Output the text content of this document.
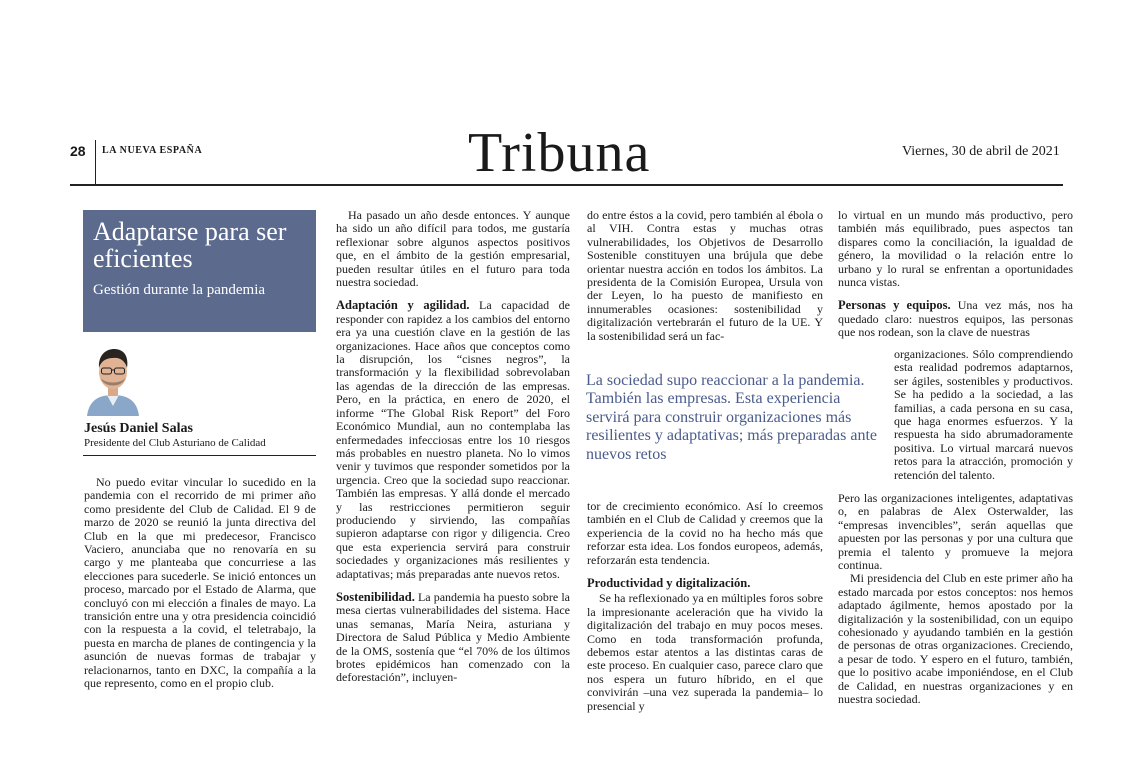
28 LA NUEVA ESPAÑA	Tribuna	Viernes, 30 de abril de 2021
Adaptarse para ser eficientes
Gestión durante la pandemia
Jesús Daniel Salas
Presidente del Club Asturiano de Calidad

No puedo evitar vincular lo sucedido en la pandemia con el recorrido de mi primer año como presidente del Club de Calidad. El 9 de marzo de 2020 se reunió la junta directiva del Club en la que mi predecesor, Francisco Vaciero, anunciaba que no renovaría en su cargo y me planteaba que concurriese a las elecciones para sucederle. Se inició entonces un proceso, marcado por el Estado de Alarma, que concluyó con mi elección a finales de mayo. La transición entre una y otra presidencia coincidió con la respuesta a la covid, el teletrabajo, la puesta en marcha de planes de contingencia y la asunción de nuevas formas de trabajar y relacionarnos, tanto en DXC, la compañía a la que represento, como en el propio club.

Ha pasado un año desde entonces. Y aunque ha sido un año difícil para todos, me gustaría reflexionar sobre algunos aspectos positivos que, en el ámbito de la gestión empresarial, pueden resultar útiles en el futuro para toda nuestra sociedad.

Adaptación y agilidad. La capacidad de responder con rapidez a los cambios del entorno era ya una cuestión clave en la gestión de las organizaciones. Hace años que conceptos como la disrupción, los “cisnes negros”, la transformación y la flexibilidad sobrevolaban las agendas de la dirección de las empresas. Pero, en la práctica, en enero de 2020, el informe “The Global Risk Report” del Foro Económico Mundial, aun no contemplaba las enfermedades infecciosas entre los 10 riesgos más probables en nuestro planeta. No lo vimos venir y tuvimos que responder sometidos por la urgencia. Creo que la sociedad supo reaccionar. También las empresas. Y allá donde el mercado y las restricciones permitieron seguir produciendo y sirviendo, las compañías supieron adaptarse con rigor y diligencia. Creo que esta experiencia servirá para construir sociedades y organizaciones más resilientes y adaptativas; más preparadas ante nuevos retos.

Sostenibilidad. La pandemia ha puesto sobre la mesa ciertas vulnerabilidades del sistema. Hace unas semanas, María Neira, asturiana y Directora de Salud Pública y Medio Ambiente de la OMS, sostenía que “el 70% de los últimos brotes epidémicos han comenzado con la deforestación”, incluyen-

do entre éstos a la covid, pero también al ébola o al VIH. Contra estas y muchas otras vulnerabilidades, los Objetivos de Desarrollo Sostenible constituyen una brújula que debe orientar nuestra acción en todos los ámbitos. La presidenta de la Comisión Europea, Ursula von der Leyen, lo ha puesto de manifiesto en innumerables ocasiones: sostenibilidad y digitalización vertebrarán el futuro de la UE. Y la sostenibilidad será un fac-

La sociedad supo reaccionar a la pandemia. También las empresas. Esta experiencia servirá para construir organizaciones más resilientes y adaptativas; más preparadas ante nuevos retos

tor de crecimiento económico. Así lo creemos también en el Club de Calidad y creemos que la experiencia de la covid no ha hecho más que reforzar esta idea. Los fondos europeos, además, reforzarán esta tendencia.

Productividad y digitalización.

Se ha reflexionado ya en múltiples foros sobre la impresionante aceleración que ha vivido la digitalización del trabajo en muy pocos meses. Como en toda transformación profunda, debemos estar atentos a las distintas caras de este proceso. En cualquier caso, parece claro que nos espera un futuro híbrido, en el que convivirán –una vez superada la pandemia– lo presencial y

lo virtual en un mundo más productivo, pero también más equilibrado, pues aspectos tan dispares como la conciliación, la igualdad de género, la movilidad o la relación entre lo urbano y lo rural se enfrentan a oportunidades nunca vistas.

Personas y equipos. Una vez más, nos ha quedado claro: nuestros equipos, las personas que nos rodean, son la clave de nuestras

organizaciones. Sólo comprendiendo esta realidad podremos adaptarnos, ser ágiles, sostenibles y productivos. Se ha pedido a la sociedad, a las familias, a cada persona en su casa, que haga enormes esfuerzos. Y la respuesta ha sido abrumadoramente positiva. Lo virtual marcará nuevos retos para la atracción, promoción y retención del talento.

Pero las organizaciones inteligentes, adaptativas o, en palabras de Alex Osterwalder, las “empresas invencibles”, serán aquellas que apuesten por las personas y por una cultura que premia el talento y promueve la mejora continua.

Mi presidencia del Club en este primer año ha estado marcada por estos conceptos: nos hemos adaptado ágilmente, hemos apostado por la digitalización y la sostenibilidad, con un equipo cohesionado y ayudando también en la gestión de personas de otras organizaciones. Creciendo, a pesar de todo. Y espero en el futuro, también, que lo positivo acabe imponiéndose, en el Club de Calidad, en nuestras organizaciones y en nuestra sociedad.
